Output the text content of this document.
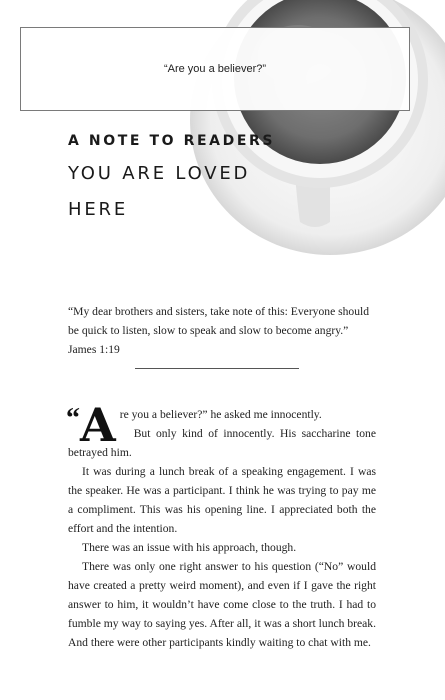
“Are you a believer?”
A NOTE TO READERS
YOU ARE LOVED
HERE
“My dear brothers and sisters, take note of this: Everyone should be quick to listen, slow to speak and slow to become angry.”
James 1:19

“ A re you a believer?” he asked me innocently.

But only kind of innocently. His saccharine tone betrayed him.

It was during a lunch break of a speaking engagement. I was the speaker. He was a participant. I think he was trying to pay me a compliment. This was his opening line. I appreciated both the effort and the intention.

There was an issue with his approach, though.

There was only one right answer to his question (“No” would have created a pretty weird moment), and even if I gave the right answer to him, it wouldn’t have come close to the truth. I had to fumble my way to saying yes. After all, it was a short lunch break. And there were other participants kindly waiting to chat with me.
